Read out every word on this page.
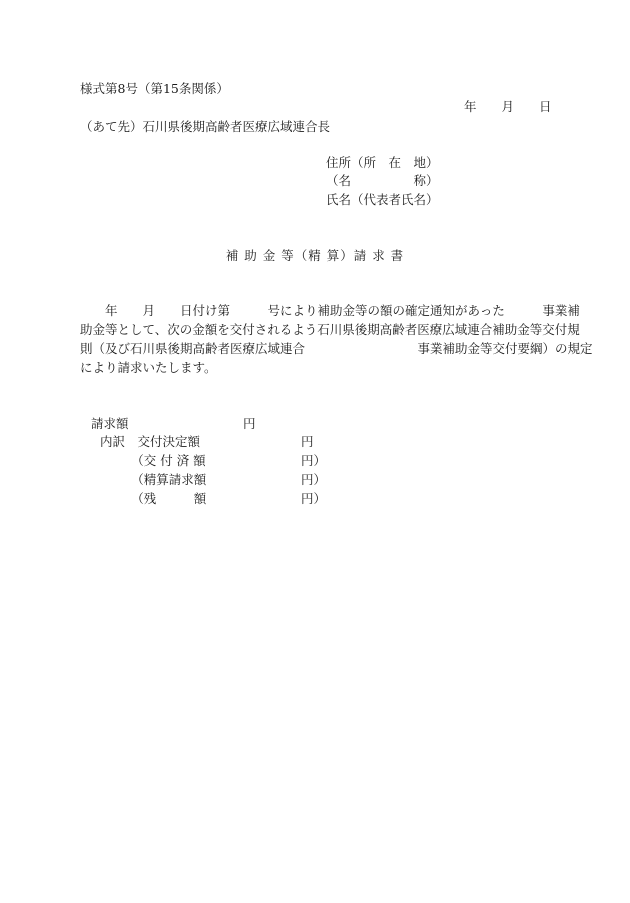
様式第8号（第15条関係）
年　　月　　日
（あて先）石川県後期高齢者医療広域連合長
住所（所　在　地）
（名　　　　　称）
氏名（代表者氏名）
補 助 金 等（精 算）請 求 書
　　年　　月　　日付け第　　　号により補助金等の額の確定通知があった　　　事業補
助金等として、次の金額を交付されるよう石川県後期高齢者医療広域連合補助金等交付規
則（及び石川県後期高齢者医療広域連合　　　　　　　　　事業補助金等交付要綱）の規定
により請求いたします。
請求額	円
内訳　交付決定額	円
　　　（交 付 済 額	円）
　　　（精算請求額	円）
　　　（残　　　額	円）
